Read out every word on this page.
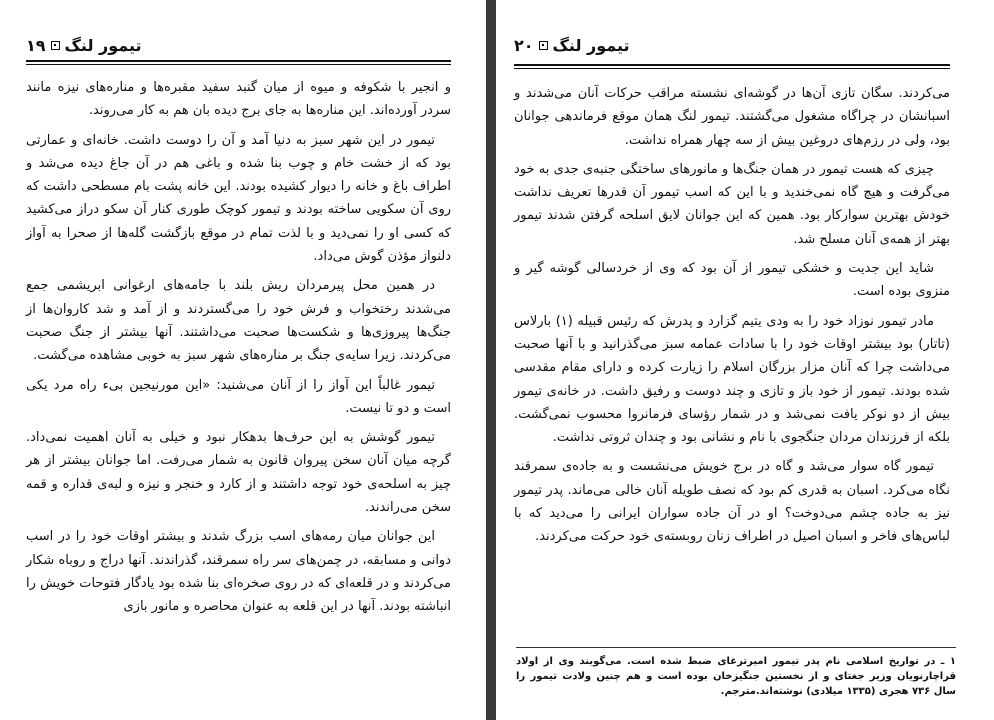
۱۹ تیمور لنگ

و انجیر با شکوفه و میوه از میان گنبد سفید مقبره‌ها و مناره‌های نیزه مانند سردر آورده‌اند. این مناره‌ها به جای برج دیده بان هم به کار می‌روند.

تیمور در این شهر سبز به دنیا آمد و آن را دوست داشت. خانه‌ای و عمارتی بود که از خشت خام و چوب بنا شده و باغی هم در آن جاغ دیده می‌شد و اطراف باغ و خانه را دیوار کشیده بودند. این خانه پشت بام مسطحی داشت که روی آن سکویی ساخته بودند و تیمور کوچک طوری کنار آن سکو دراز می‌کشید که کسی او را نمی‌دید و با لذت تمام در موقع بازگشت گله‌ها از صحرا به آواز دلنواز مؤذن گوش می‌داد.

در همین محل پیرمردان ریش بلند با جامه‌های ارغوانی ابریشمی جمع می‌شدند رختخواب و فرش خود را می‌گستردند و از آمد و شد کاروان‌ها از جنگ‌ها پیروزی‌ها و شکست‌ها صحبت می‌داشتند. آنها بیشتر از جنگ صحبت می‌کردند. زیرا سایه‌ی جنگ بر مناره‌های شهر سبز به خوبی مشاهده می‌گشت.

تیمور غالباً این آواز را از آنان می‌شنید: «این مورنیجین بیء راه مرد یکی است و دو تا نیست.

تیمور گوشش به این حرف‌ها بدهکار نبود و خیلی به آنان اهمیت نمی‌داد. گرچه میان آنان سخن پیروان قانون به شمار می‌رفت. اما جوانان بیشتر از هر چیز به اسلحه‌ی خود توجه داشتند و از کارد و خنجر و نیزه و لبه‌ی قداره و قمه سخن می‌راندند.

این جوانان میان رمه‌های اسب بزرگ شدند و بیشتر اوقات خود را در اسب دوانی و مسابقه، در چمن‌های سر راه سمرقند، گذراندند. آنها دراج و روباه شکار می‌کردند و در قلعه‌ای که در روی صخره‌ای بنا شده بود یادگار فتوحات خویش را انباشته بودند. آنها در این قلعه به عنوان محاصره و مانور بازی

۲۰ تیمور لنگ

می‌کردند. سگان تازی آن‌ها در گوشه‌ای نشسته مراقب حرکات آنان می‌شدند و اسبانشان در چراگاه مشغول می‌گشتند. تیمور لنگ همان موقع فرماندهی جوانان بود، ولی در رزم‌های دروغین بیش از سه چهار همراه نداشت.

چیزی که هست تیمور در همان جنگ‌ها و مانورهای ساختگی جنبه‌ی جدی به خود می‌گرفت و هیچ گاه نمی‌خندید و با این که اسب تیمور آن قدرها تعریف نداشت خودش بهترین سوارکار بود. همین که این جوانان لایق اسلحه گرفتن شدند تیمور بهتر از همه‌ی آنان مسلح شد.

شاید این جدیت و خشکی تیمور از آن بود که وی از خردسالی گوشه گیر و منزوی بوده است.

مادر تیمور نوزاد خود را به ودی یتیم گزارد و پدرش که رئیس قبیله (۱) بارلاس (تاتار) بود بیشتر اوقات خود را با سادات عمامه سبز می‌گذرانید و با آنها صحبت می‌داشت چرا که آنان مزار بزرگان اسلام را زیارت کرده و دارای مقام مقدسی شده بودند. تیمور از خود باز و تازی و چند دوست و رفیق داشت. در خانه‌ی تیمور بیش از دو نوکر یافت نمی‌شد و در شمار رؤسای فرمانروا محسوب نمی‌گشت. بلکه از فرزندان مردان جنگجوی با نام و نشانی بود و چندان ثروتی نداشت.

تیمور گاه سوار می‌شد و گاه در برج خویش می‌نشست و به جاده‌ی سمرقند نگاه می‌کرد. اسبان به قدری کم بود که نصف طویله آنان خالی می‌ماند. پدر تیمور نیز به جاده چشم می‌دوخت؟ او در آن جاده سواران ایرانی را می‌دید که با لباس‌های فاخر و اسبان اصیل در اطراف زنان روبسته‌ی خود حرکت می‌کردند.

۱ ـ در تواریخ اسلامی نام پدر تیمور امیرترغای ضبط شده است. می‌گویند وی از اولاد قراچارنویان وزیر جغتای و از نخستین جنگیزخان بوده است و هم چنین ولادت تیمور را سال ۷۳۶ هجری (۱۳۳۵ میلادی) نوشته‌اند.مترجم.
